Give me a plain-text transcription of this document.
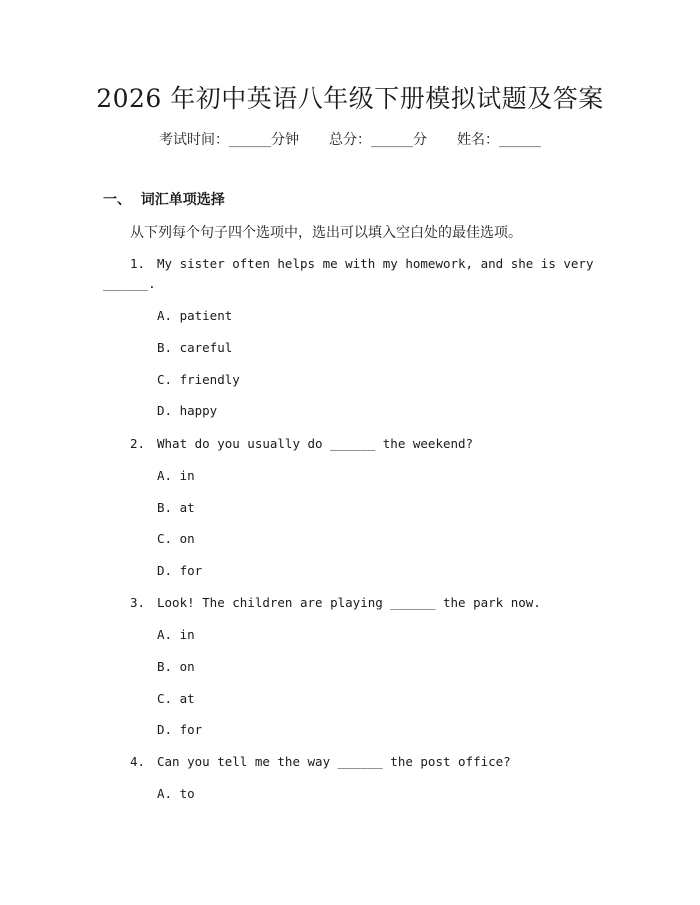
2026 年初中英语八年级下册模拟试题及答案
考试时间：______分钟 总分：______分 姓名：______
一、 词汇单项选择
从下列每个句子四个选项中，选出可以填入空白处的最佳选项。
1. My sister often helps me with my homework, and she is very
______.
A. patient
B. careful
C. friendly
D. happy
2. What do you usually do ______ the weekend?
A. in
B. at
C. on
D. for
3. Look! The children are playing ______ the park now.
A. in
B. on
C. at
D. for
4. Can you tell me the way ______ the post office?
A. to
